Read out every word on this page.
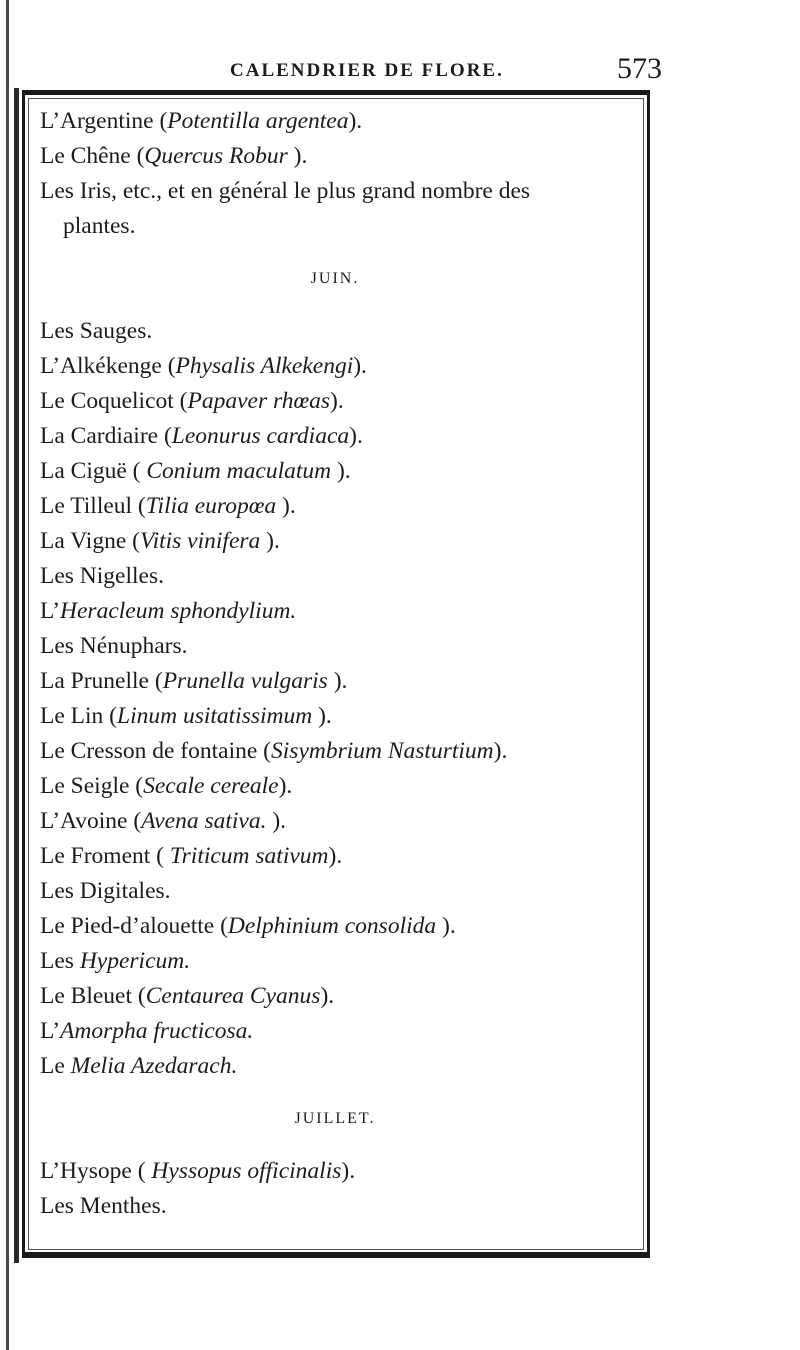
CALENDRIER DE FLORE.	573
L’Argentine (Potentilla argentea).
Le Chêne (Quercus Robur ).
Les Iris, etc., et en général le plus grand nombre des
plantes.
JUIN.
Les Sauges.
L’Alkékenge (Physalis Alkekengi).
Le Coquelicot (Papaver rhœas).
La Cardiaire (Leonurus cardiaca).
La Ciguë ( Conium maculatum ).
Le Tilleul (Tilia europœa ).
La Vigne (Vitis vinifera ).
Les Nigelles.
L’Heracleum sphondylium.
Les Nénuphars.
La Prunelle (Prunella vulgaris ).
Le Lin (Linum usitatissimum ).
Le Cresson de fontaine (Sisymbrium Nasturtium).
Le Seigle (Secale cereale).
L’Avoine (Avena sativa. ).
Le Froment ( Triticum sativum).
Les Digitales.
Le Pied-d’alouette (Delphinium consolida ).
Les Hypericum.
Le Bleuet (Centaurea Cyanus).
L’Amorpha fructicosa.
Le Melia Azedarach.
JUILLET.
L’Hysope ( Hyssopus officinalis).
Les Menthes.
